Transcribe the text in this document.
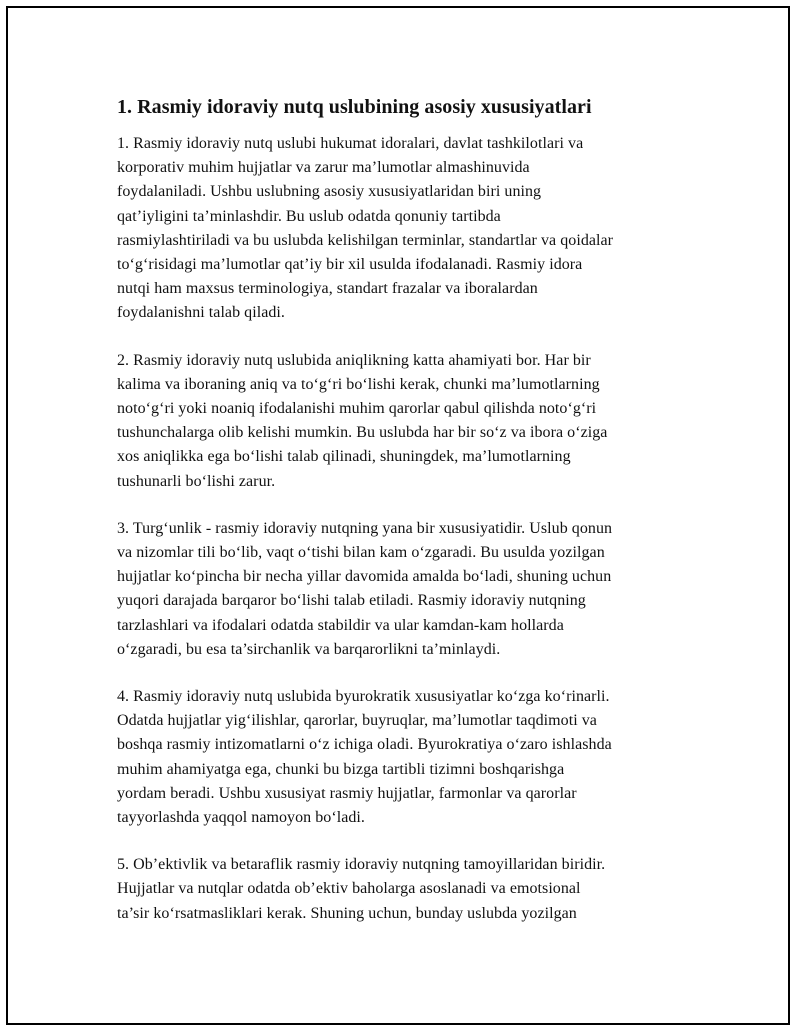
1. Rasmiy idoraviy nutq uslubining asosiy xususiyatlari
1. Rasmiy idoraviy nutq uslubi hukumat idoralari, davlat tashkilotlari va
korporativ muhim hujjatlar va zarur ma’lumotlar almashinuvida
foydalaniladi. Ushbu uslubning asosiy xususiyatlaridan biri uning
qat’iyligini ta’minlashdir. Bu uslub odatda qonuniy tartibda
rasmiylashtiriladi va bu uslubda kelishilgan terminlar, standartlar va qoidalar
to‘g‘risidagi ma’lumotlar qat’iy bir xil usulda ifodalanadi. Rasmiy idora
nutqi ham maxsus terminologiya, standart frazalar va iboralardan
foydalanishni talab qiladi.
2. Rasmiy idoraviy nutq uslubida aniqlikning katta ahamiyati bor. Har bir
kalima va iboraning aniq va to‘g‘ri bo‘lishi kerak, chunki ma’lumotlarning
noto‘g‘ri yoki noaniq ifodalanishi muhim qarorlar qabul qilishda noto‘g‘ri
tushunchalarga olib kelishi mumkin. Bu uslubda har bir so‘z va ibora o‘ziga
xos aniqlikka ega bo‘lishi talab qilinadi, shuningdek, ma’lumotlarning
tushunarli bo‘lishi zarur.
3. Turg‘unlik - rasmiy idoraviy nutqning yana bir xususiyatidir. Uslub qonun
va nizomlar tili bo‘lib, vaqt o‘tishi bilan kam o‘zgaradi. Bu usulda yozilgan
hujjatlar ko‘pincha bir necha yillar davomida amalda bo‘ladi, shuning uchun
yuqori darajada barqaror bo‘lishi talab etiladi. Rasmiy idoraviy nutqning
tarzlashlari va ifodalari odatda stabildir va ular kamdan-kam hollarda
o‘zgaradi, bu esa ta’sirchanlik va barqarorlikni ta’minlaydi.
4. Rasmiy idoraviy nutq uslubida byurokratik xususiyatlar ko‘zga ko‘rinarli.
Odatda hujjatlar yig‘ilishlar, qarorlar, buyruqlar, ma’lumotlar taqdimoti va
boshqa rasmiy intizomatlarni o‘z ichiga oladi. Byurokratiya o‘zaro ishlashda
muhim ahamiyatga ega, chunki bu bizga tartibli tizimni boshqarishga
yordam beradi. Ushbu xususiyat rasmiy hujjatlar, farmonlar va qarorlar
tayyorlashda yaqqol namoyon bo‘ladi.
5. Ob’ektivlik va betaraflik rasmiy idoraviy nutqning tamoyillaridan biridir.
Hujjatlar va nutqlar odatda ob’ektiv baholarga asoslanadi va emotsional
ta’sir ko‘rsatmasliklari kerak. Shuning uchun, bunday uslubda yozilgan
